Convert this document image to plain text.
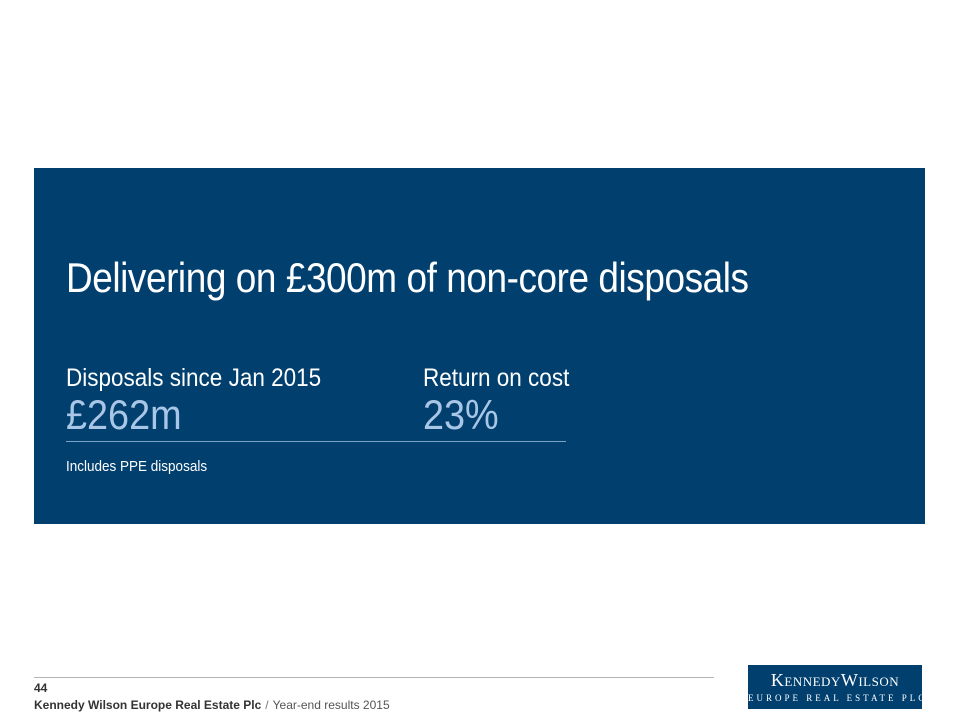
Delivering on £300m of non-core disposals
Disposals since Jan 2015
£262m
Return on cost
23%
Includes PPE disposals
44
Kennedy Wilson Europe Real Estate Plc / Year-end results 2015
KennedyWilson
EUROPE REAL ESTATE PLC
